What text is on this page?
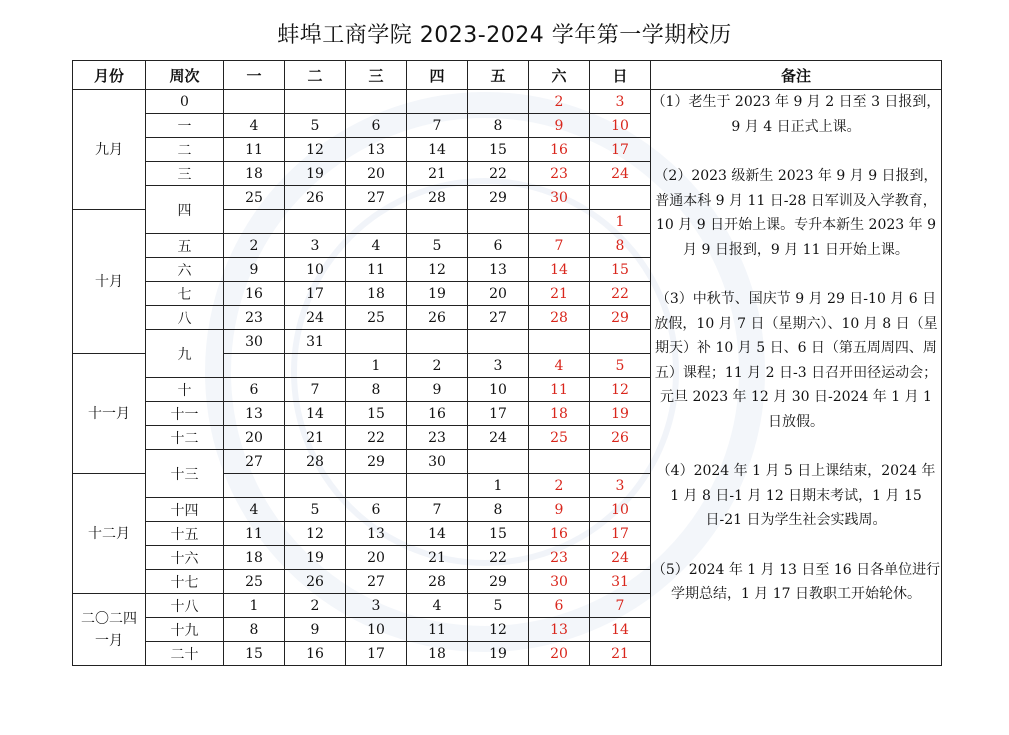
蚌埠工商学院 2023-2024 学年第一学期校历
月份	周次	一	二	三	四	五	六	日	备注
九月	0						2	3	（1）老生于 2023 年 9 月 2 日至 3 日报到，9 月 4 日正式上课。
（2）2023 级新生 2023 年 9 月 9 日报到，普通本科 9 月 11 日-28 日军训及入学教育，10 月 9 日开始上课。专升本新生 2023 年 9 月 9 日报到，9 月 11 日开始上课。
（3）中秋节、国庆节 9 月 29 日-10 月 6 日放假，10 月 7 日（星期六）、10 月 8 日（星期天）补 10 月 5 日、6 日（第五周周四、周五）课程；11 月 2 日-3 日召开田径运动会；元旦 2023 年 12 月 30 日-2024 年 1 月 1 日放假。
（4）2024 年 1 月 5 日上课结束，2024 年 1 月 8 日-1 月 12 日期末考试，1 月 15 日-21 日为学生社会实践周。
（5）2024 年 1 月 13 日至 16 日各单位进行学期总结，1 月 17 日教职工开始轮休。

	一	4	5	6	7	8	9	10	
	二	11	12	13	14	15	16	17	
	三	18	19	20	21	22	23	24	
	四	25	26	27	28	29	30		
十月								1	
	五	2	3	4	5	6	7	8	
	六	9	10	11	12	13	14	15	
	七	16	17	18	19	20	21	22	
	八	23	24	25	26	27	28	29	
	九	30	31						
十一月				1	2	3	4	5	
	十	6	7	8	9	10	11	12	
	十一	13	14	15	16	17	18	19	
	十二	20	21	22	23	24	25	26	
	十三	27	28	29	30				
十二月						1	2	3	
	十四	4	5	6	7	8	9	10	
	十五	11	12	13	14	15	16	17	
	十六	18	19	20	21	22	23	24	
	十七	25	26	27	28	29	30	31	
二〇二四一月	十八	1	2	3	4	5	6	7	
	十九	8	9	10	11	12	13	14	
	二十	15	16	17	18	19	20	21	
